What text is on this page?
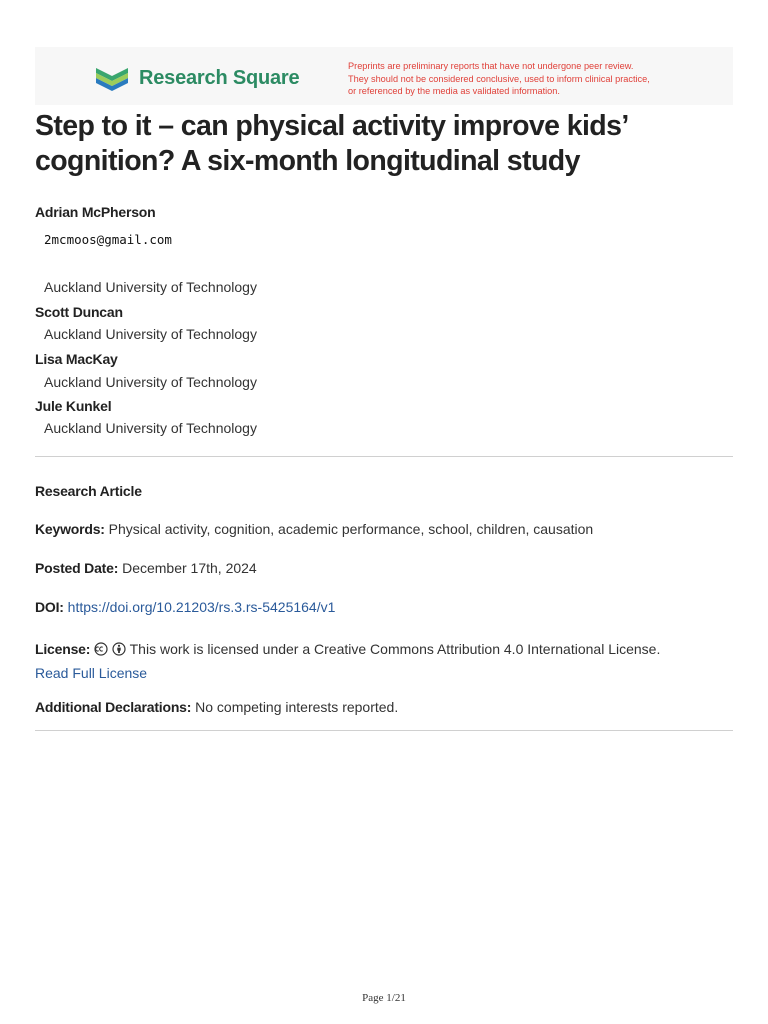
Research Square
Preprints are preliminary reports that have not undergone peer review.
They should not be considered conclusive, used to inform clinical practice,
or referenced by the media as validated information.
Step to it – can physical activity improve kids’ cognition? A six-month longitudinal study
Adrian McPherson
2mcmoos@gmail.com
Auckland University of Technology
Scott Duncan
Auckland University of Technology
Lisa MacKay
Auckland University of Technology
Jule Kunkel
Auckland University of Technology
Research Article
Keywords: Physical activity, cognition, academic performance, school, children, causation
Posted Date: December 17th, 2024
DOI: https://doi.org/10.21203/rs.3.rs-5425164/v1
License:	This work is licensed under a Creative Commons Attribution 4.0 International License.
Read Full License
Additional Declarations: No competing interests reported.
Page 1/21
